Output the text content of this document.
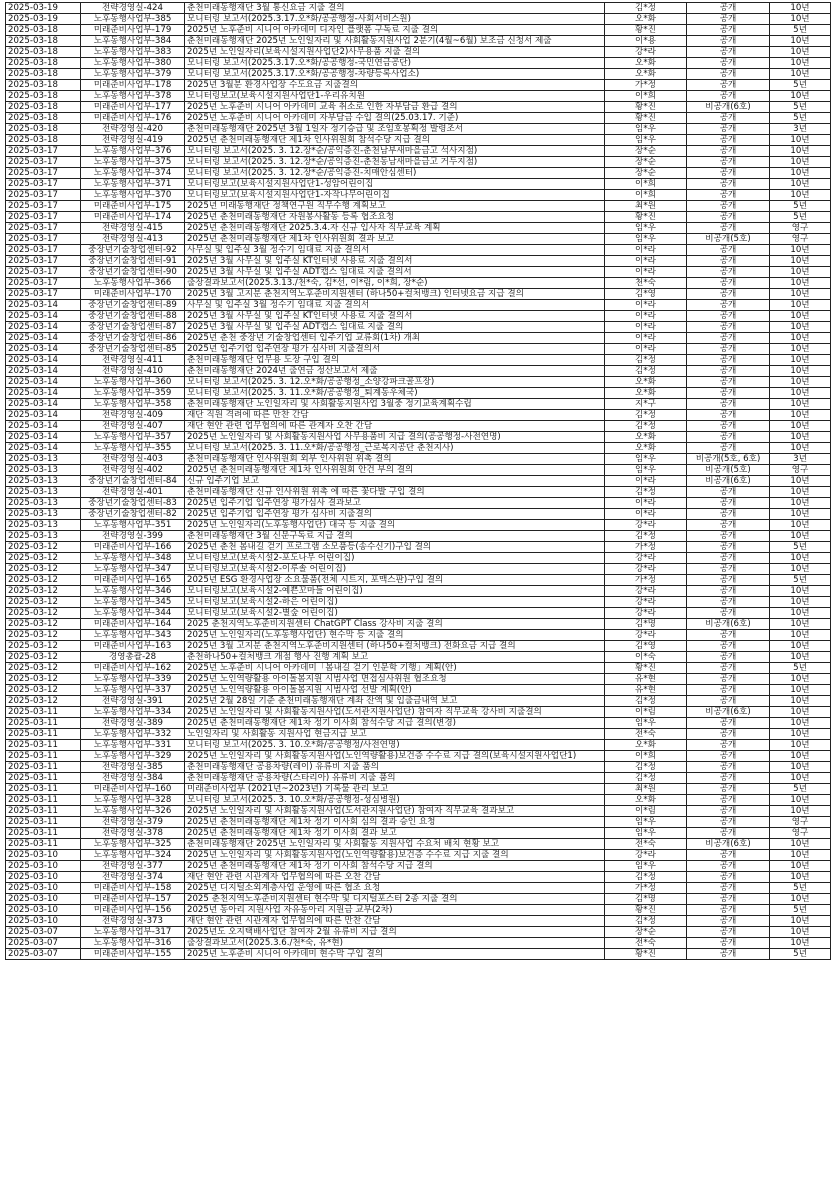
2025-03-19	전략경영실-424	춘천미래동행재단 3월 통신요금 지출 결의	김*정	공개	10년
2025-03-19	노후동행사업부-385	모니터링 보고서(2025.3.17.오*화/공공행정-사회서비스원)	오*화	공개	10년
2025-03-18	미래준비사업부-179	2025년 노후준비 시니어 아카데미 디자인 플랫폼 구독료 지출 결의	황*진	공개	5년
2025-03-18	노후동행사업부-384	춘천미래동행재단 2025년 노인일자리 및 사회활동지원사업 2분기(4월~6월) 보조금 신청서 제출	이*용	공개	10년
2025-03-18	노후동행사업부-383	2025년 노인일자리(보육시설지원사업단2)사무용품 지출 결의	강*라	공개	10년
2025-03-18	노후동행사업부-380	모니터링 보고서(2025.3.17.오*화/공공행정-국민연금공단)	오*화	공개	10년
2025-03-18	노후동행사업부-379	모니터링 보고서(2025.3.17.오*화/공공행정-차량등록사업소)	오*화	공개	10년
2025-03-18	미래준비사업부-178	2025년 3월분 환경사업장 수도요금 지출결의	가*정	공개	5년
2025-03-18	노후동행사업부-378	모니터링보고(보육시설지원사업단1-우리유치원	이*희	공개	10년
2025-03-18	미래준비사업부-177	2025년 노후준비 시니어 아카데미 교육 취소로 인한 자부담금 환급 결의	황*진	비공개(6호)	5년
2025-03-18	미래준비사업부-176	2025년 노후준비 시니어 아카데미 자부담금 수입 결의(25.03.17. 기준)	황*진	공개	5년
2025-03-18	전략경영실-420	춘천미래동행재단 2025년 3월 1일자 정기승급 및 조임호봉획정 발령조서	임*우	공개	3년
2025-03-18	전략경영실-419	2025년 춘천미래동행재단 제1차 인사위원회 참석수당 지급 결의	임*우	공개	10년
2025-03-17	노후동행사업부-376	모니터링 보고서(2025. 3. 12.장*순/공익증진-춘천남부새마을금고 석사지점)	장*순	공개	10년
2025-03-17	노후동행사업부-375	모니터링 보고서(2025. 3. 12.장*순/공익증진-춘천동남새마을금고 거두지점)	장*순	공개	10년
2025-03-17	노후동행사업부-374	모니터링 보고서(2025. 3. 12.장*순/공익증진-치매안심센터)	장*순	공개	10년
2025-03-17	노후동행사업부-371	모니터링보고(보육시설지원사업단1-성암어린이집	이*희	공개	10년
2025-03-17	노후동행사업부-370	모니터링보고(보육시설지원사업단1-자작나무어린이집	이*희	공개	10년
2025-03-17	미래준비사업부-175	2025년 미래동행재단 정책연구원 직무수행 계획보고	최*원	공개	5년
2025-03-17	미래준비사업부-174	2025년 춘천미래동행재단 자원봉사활동 등록 협조요청	황*진	공개	5년
2025-03-17	전략경영실-415	2025년 춘천미래동행재단 2025.3.4.자 신규 입사자 직무교육 계획	임*우	공개	영구
2025-03-17	전략경영실-413	2025년 춘천미래동행재단 제1차 인사위원회 결과 보고	임*우	비공개(5호)	영구
2025-03-17	중장년기술창업센터-92	사무실 및 입주실 3월 정수기 임대료 지출 결의서	이*라	공개	10년
2025-03-17	중장년기술창업센터-91	2025년 3월 사무실 및 입주실 KT인터넷 사용료 지출 결의서	이*라	공개	10년
2025-03-17	중장년기술창업센터-90	2025년 3월 사무실 및 입주실 ADT캡스 임대료 지출 결의서	이*라	공개	10년
2025-03-17	노후동행사업부-366	출장결과보고서(2025.3.13./천*숙, 김*선, 이*림, 이*희, 장*순)	천*숙	공개	10년
2025-03-17	미래준비사업부-170	2025년 3월 고지분 춘천지역노후준비지원센터 (하나50+컬처뱅크) 인터넷요금 지급 결의	김*영	공개	10년
2025-03-14	중장년기술창업센터-89	사무실 및 입주실 3월 정수기 임대료 지출 결의서	이*라	공개	10년
2025-03-14	중장년기술창업센터-88	2025년 3월 사무실 및 입주실 KT인터넷 사용료 지출 결의서	이*라	공개	10년
2025-03-14	중장년기술창업센터-87	2025년 3월 사무실 및 입주실 ADT캡스 임대료 지출 결의	이*라	공개	10년
2025-03-14	중장년기술창업센터-86	2025년 춘천 중장년 기술창업센터 입주기업 교류회(1차) 개최	이*라	공개	10년
2025-03-14	중장년기술창업센터-85	2025년 입주기업 입주연장 평가 심사비 지출결의서	이*라	공개	10년
2025-03-14	전략경영실-411	춘천미래동행재단 업무용 도장 구입 결의	김*정	공개	10년
2025-03-14	전략경영실-410	춘천미래동행재단 2024년 출연금 정산보고서 제출	김*정	공개	10년
2025-03-14	노후동행사업부-360	모니터링 보고서(2025. 3. 12.오*화/공공행정_소양강파크골프장)	오*화	공개	10년
2025-03-14	노후동행사업부-359	모니터링 보고서(2025. 3. 11.오*화/공공행정_퇴계동우체국)	오*화	공개	10년
2025-03-14	노후동행사업부-358	춘천미래동행재단 노인일자리 및 사회활동지원사업 3월중 정기교육계획수립	지*구	공개	10년
2025-03-14	전략경영실-409	재단 직원 격려에 따른 만찬 간담	김*정	공개	10년
2025-03-14	전략경영실-407	재단 현안 관련 업무협의에 따른 관계자 오찬 간담	김*정	공개	10년
2025-03-14	노후동행사업부-357	2025년 노인일자리 및 사회활동지원사업 사무용품비 지급 결의(공공행정-사전연명)	오*화	공개	10년
2025-03-14	노후동행사업부-355	모니터링 보고서(2025. 3. 11.오*화/공공행정_근로복지공단 춘천지사)	오*화	공개	10년
2025-03-13	전략경영실-403	춘천미래동행재단 인사위원회 외부 인사위원 위촉 결의	임*우	비공개(5호, 6호)	3년
2025-03-13	전략경영실-402	2025년 춘천미래동행재단 제1차 인사위원회 안건 부의 결의	임*우	비공개(5호)	영구
2025-03-13	중장년기술창업센터-84	신규 입주기업 보고	이*라	비공개(6호)	10년
2025-03-13	전략경영실-401	춘천미래동행재단 신규 인사위원 위촉 에 따른 꽃다발 구입 결의	김*정	공개	10년
2025-03-13	중장년기술창업센터-83	2025년 입주기업 입주연장 평가심사 결과보고	이*라	공개	10년
2025-03-13	중장년기술창업센터-82	2025년 입주기업 입주연장 평가 심사비 지출결의	이*라	공개	10년
2025-03-13	노후동행사업부-351	2025년 노인일자리(노후동행사업단) 대국 등 지출 결의	강*라	공개	10년
2025-03-13	전략경영실-399	춘천미래동행재단 3월 신문구독료 지급 결의	김*정	공개	10년
2025-03-12	미래준비사업부-166	2025년 춘천 봄내길 걷기 프로그램 소모품등(송수신기)구입 결의	가*정	공개	5년
2025-03-12	노후동행사업부-348	모니터링보고(보육시설2-포도나무 어린이집)	강*라	공개	10년
2025-03-12	노후동행사업부-347	모니터링보고(보육시설2-이루솔 어린이집)	강*라	공개	10년
2025-03-12	미래준비사업부-165	2025년 ESG 환경사업장 소요물품(전체 시트지, 포맥스판)구입 결의	가*정	공개	5년
2025-03-12	노후동행사업부-346	모니터링보고(보육시설2-예쁜꼬마들 어린이집)	강*라	공개	10년
2025-03-12	노후동행사업부-345	모니터링보고(보육시설2-하은 어린이집)	강*라	공개	10년
2025-03-12	노후동행사업부-344	모니터링보고(보육시설2-별숲 어린이집)	강*라	공개	10년
2025-03-12	미래준비사업부-164	2025 춘천지역노후준비지원센터 ChatGPT Class 강사비 지출 결의	김*명	비공개(6호)	10년
2025-03-12	노후동행사업부-343	2025년 노인일자리(노후동행사업단) 현수막 등 지출 결의	강*라	공개	10년
2025-03-12	미래준비사업부-163	2025년 3월 고지분 춘천지역노후준비지원센터 (하나50+컬처뱅크) 전화요금 지급 결의	김*영	공개	10년
2025-03-12	경영총괄-28	춘천하나50+컬처뱅크 개점 행사 진행 계획 보고	이*숙	공개	10년
2025-03-12	미래준비사업부-162	2025년 노후준비 시니어 아카데미「봄내길 걷기 인문학 기행」계획(안)	황*진	공개	5년
2025-03-12	노후동행사업부-339	2025년 노인역량활용 아이돌봄지원 시범사업 면접심사위원 협조요청	유*현	공개	10년
2025-03-12	노후동행사업부-337	2025년 노인역량활용 아이돌봄지원 시범사업 선발 계획(안)	유*현	공개	10년
2025-03-12	전략경영실-391	2025년 2월 28일 기준 춘천미래동행재단 계좌 잔액 및 입출금내역 보고	김*정	공개	10년
2025-03-11	노후동행사업부-334	2025년 노인일자리 및 사회활동지원사업(도서관지원사업단) 참여자 직무교육 강사비 지출결의	이*림	비공개(6호)	10년
2025-03-11	전략경영실-389	2025년 춘천미래동행재단 제1차 정기 이사회 참석수당 지급 결의(변경)	임*우	공개	10년
2025-03-11	노후동행사업부-332	노인일자리 및 사회활동 지원사업 현금지급 보고	전*숙	공개	10년
2025-03-11	노후동행사업부-331	모니터링 보고서(2025. 3. 10.오*화/공공행정/사전연명)	오*화	공개	10년
2025-03-11	노후동행사업부-329	2025년 노인일자리 및 사회활동지원사업(노인역량활용)보건증 수수료 지급 결의(보육시설지원사업단1)	이*희	공개	10년
2025-03-11	전략경영실-385	춘천미래동행재단 공용차량(레이) 유류비 지출 품의	김*정	공개	10년
2025-03-11	전략경영실-384	춘천미래동행재단 공용차량(스타리아) 유류비 지출 품의	김*정	공개	10년
2025-03-11	미래준비사업부-160	미래준비사업부 (2021년~2023년) 기록물 관리 보고	최*원	공개	5년
2025-03-11	노후동행사업부-328	모니터링 보고서(2025. 3. 10.오*화/공공행정-성심병원)	오*화	공개	10년
2025-03-11	노후동행사업부-326	2025년 노인일자리 및 사회활동지원사업(도서관지원사업단) 참여자 직무교육 결과보고	이*림	공개	10년
2025-03-11	전략경영실-379	2025년 춘천미래동행재단 제1차 정기 이사회 심의 결과 승인 요청	임*우	공개	영구
2025-03-11	전략경영실-378	2025년 춘천미래동행재단 제1차 정기 이사회 결과 보고	임*우	공개	영구
2025-03-11	노후동행사업부-325	춘천미래동행재단 2025년 노인일자리 및 사회활동 지원사업 수요처 배치 현황 보고	전*숙	비공개(6호)	10년
2025-03-10	노후동행사업부-324	2025년 노인일자리 및 사회활동지원사업(노인역량활용)보건증 수수료 지급 지출 결의	강*라	공개	10년
2025-03-10	전략경영실-377	2025년 춘천미래동행재단 제1차 정기 이사회 참석수당 지급 결의	임*우	공개	10년
2025-03-10	전략경영실-374	재단 현안 관련 시관계자 업무협의에 따른 오찬 간담	김*정	공개	10년
2025-03-10	미래준비사업부-158	2025년 디지털소외계층사업 운영에 따른 협조 요청	가*정	공개	5년
2025-03-10	미래준비사업부-157	2025 춘천지역노후준비지원센터 현수막 및 디지털포스터 2종 지출 결의	김*명	공개	10년
2025-03-10	미래준비사업부-156	2025년 동아리 지원사업 자유동아리 지원금 교부(2차)	황*진	공개	5년
2025-03-10	전략경영실-373	재단 현안 관련 시관계자 업무협의에 따른 만찬 간담	김*정	공개	10년
2025-03-07	노후동행사업부-317	2025년도 오지택배사업단 참여자 2월 유류비 지급 결의	장*순	공개	10년
2025-03-07	노후동행사업부-316	출장결과보고서(2025.3.6./천*숙, 유*현)	전*숙	공개	10년
2025-03-07	미래준비사업부-155	2025년 노후준비 시니어 아카데미 현수막 구입 결의	황*진	공개	5년
